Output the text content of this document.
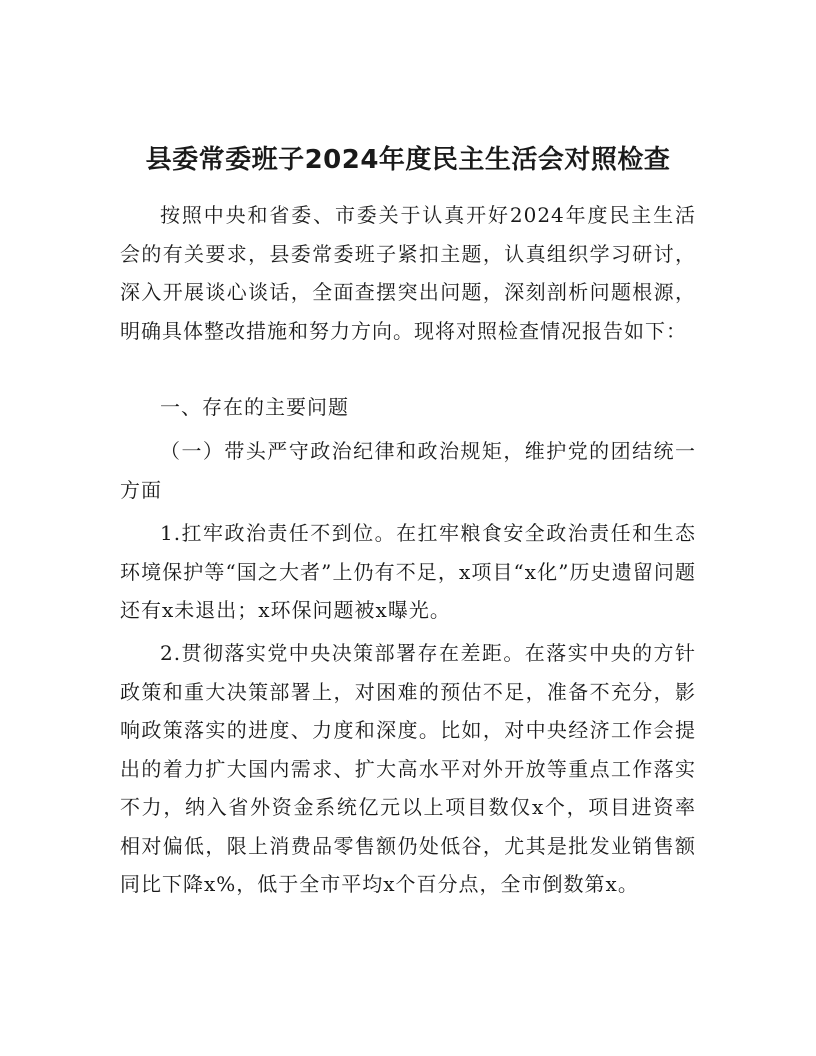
县委常委班子2024年度民主生活会对照检查

按照中央和省委、市委关于认真开好2024年度民主生活会的有关要求，县委常委班子紧扣主题，认真组织学习研讨，深入开展谈心谈话，全面查摆突出问题，深刻剖析问题根源，明确具体整改措施和努力方向。现将对照检查情况报告如下：

一、存在的主要问题

（一）带头严守政治纪律和政治规矩，维护党的团结统一方面

1.扛牢政治责任不到位。在扛牢粮食安全政治责任和生态环境保护等“国之大者”上仍有不足，x项目“x化”历史遗留问题还有x未退出；x环保问题被x曝光。

2.贯彻落实党中央决策部署存在差距。在落实中央的方针政策和重大决策部署上，对困难的预估不足，准备不充分，影响政策落实的进度、力度和深度。比如，对中央经济工作会提出的着力扩大国内需求、扩大高水平对外开放等重点工作落实不力，纳入省外资金系统亿元以上项目数仅x个，项目进资率相对偏低，限上消费品零售额仍处低谷，尤其是批发业销售额同比下降x%，低于全市平均x个百分点，全市倒数第x。
